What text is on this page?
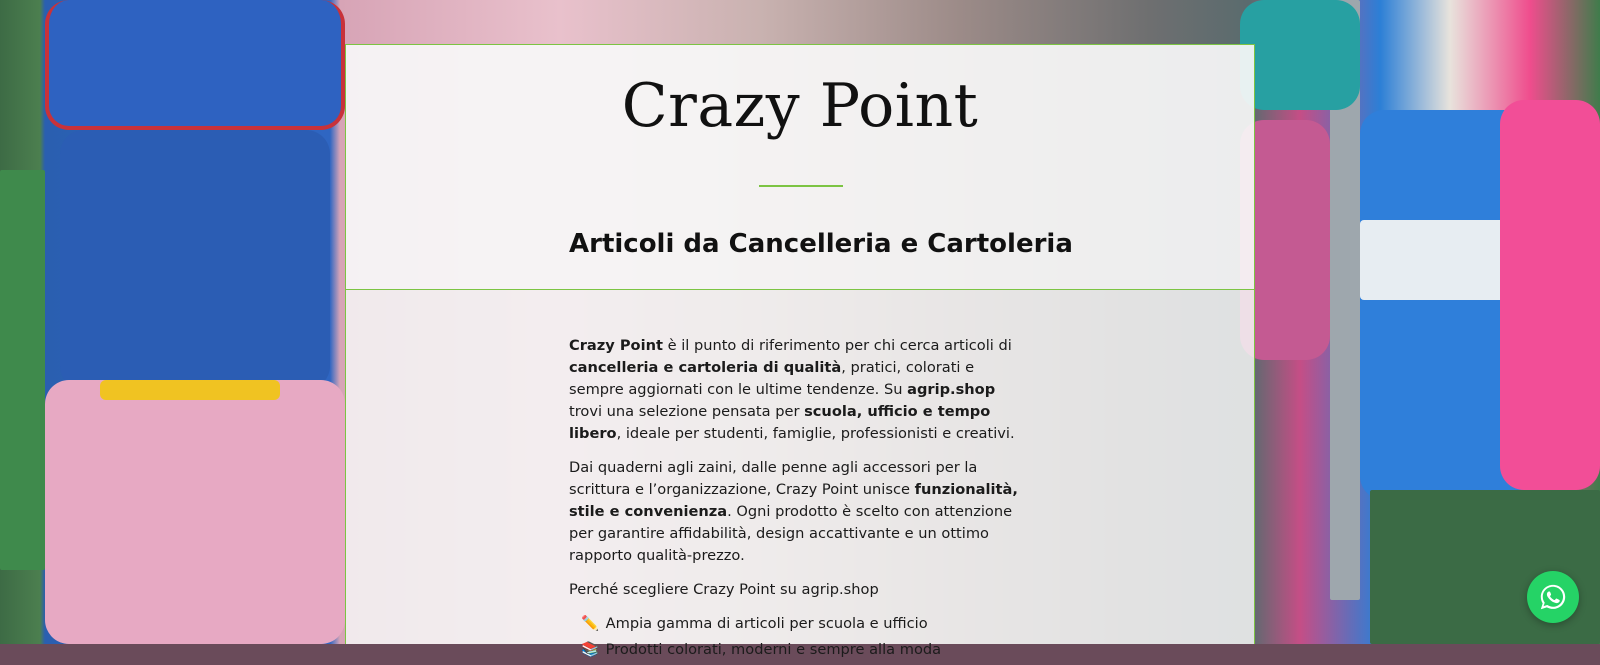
Crazy Point
Articoli da Cancelleria e Cartoleria

Crazy Point è il punto di riferimento per chi cerca articoli di cancelleria e cartoleria di qualità, pratici, colorati e sempre aggiornati con le ultime tendenze. Su agrip.shop trovi una selezione pensata per scuola, ufficio e tempo libero, ideale per studenti, famiglie, professionisti e creativi.

Dai quaderni agli zaini, dalle penne agli accessori per la scrittura e l’organizzazione, Crazy Point unisce funzionalità, stile e convenienza. Ogni prodotto è scelto con attenzione per garantire affidabilità, design accattivante e un ottimo rapporto qualità-prezzo.

Perché scegliere Crazy Point su agrip.shop

✏️ Ampia gamma di articoli per scuola e ufficio
📚 Prodotti colorati, moderni e sempre alla moda
